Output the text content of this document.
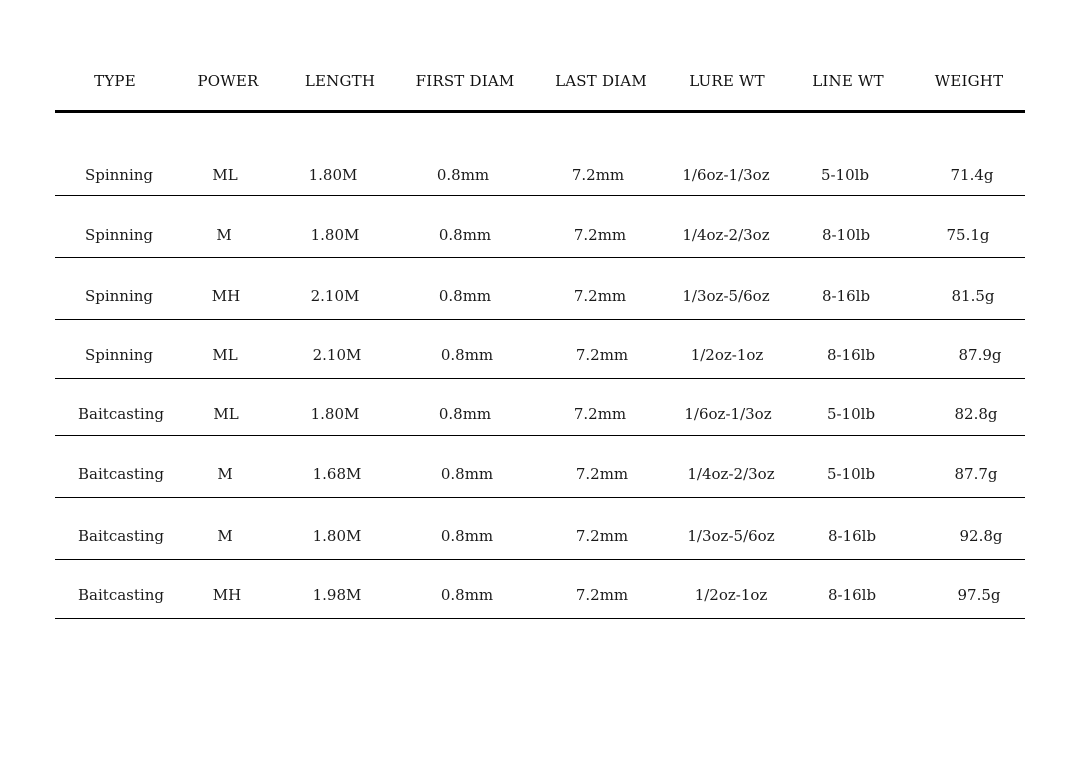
TYPE	POWER	LENGTH	FIRST DIAM	LAST DIAM	LURE WT	LINE WT	WEIGHT
Spinning	ML	1.80M	0.8mm	7.2mm	1/6oz-1/3oz	5-10lb	71.4g
Spinning	M	1.80M	0.8mm	7.2mm	1/4oz-2/3oz	8-10lb	75.1g
Spinning	MH	2.10M	0.8mm	7.2mm	1/3oz-5/6oz	8-16lb	81.5g
Spinning	ML	2.10M	0.8mm	7.2mm	1/2oz-1oz	8-16lb	87.9g
Baitcasting	ML	1.80M	0.8mm	7.2mm	1/6oz-1/3oz	5-10lb	82.8g
Baitcasting	M	1.68M	0.8mm	7.2mm	1/4oz-2/3oz	5-10lb	87.7g
Baitcasting	M	1.80M	0.8mm	7.2mm	1/3oz-5/6oz	8-16lb	92.8g
Baitcasting	MH	1.98M	0.8mm	7.2mm	1/2oz-1oz	8-16lb	97.5g
